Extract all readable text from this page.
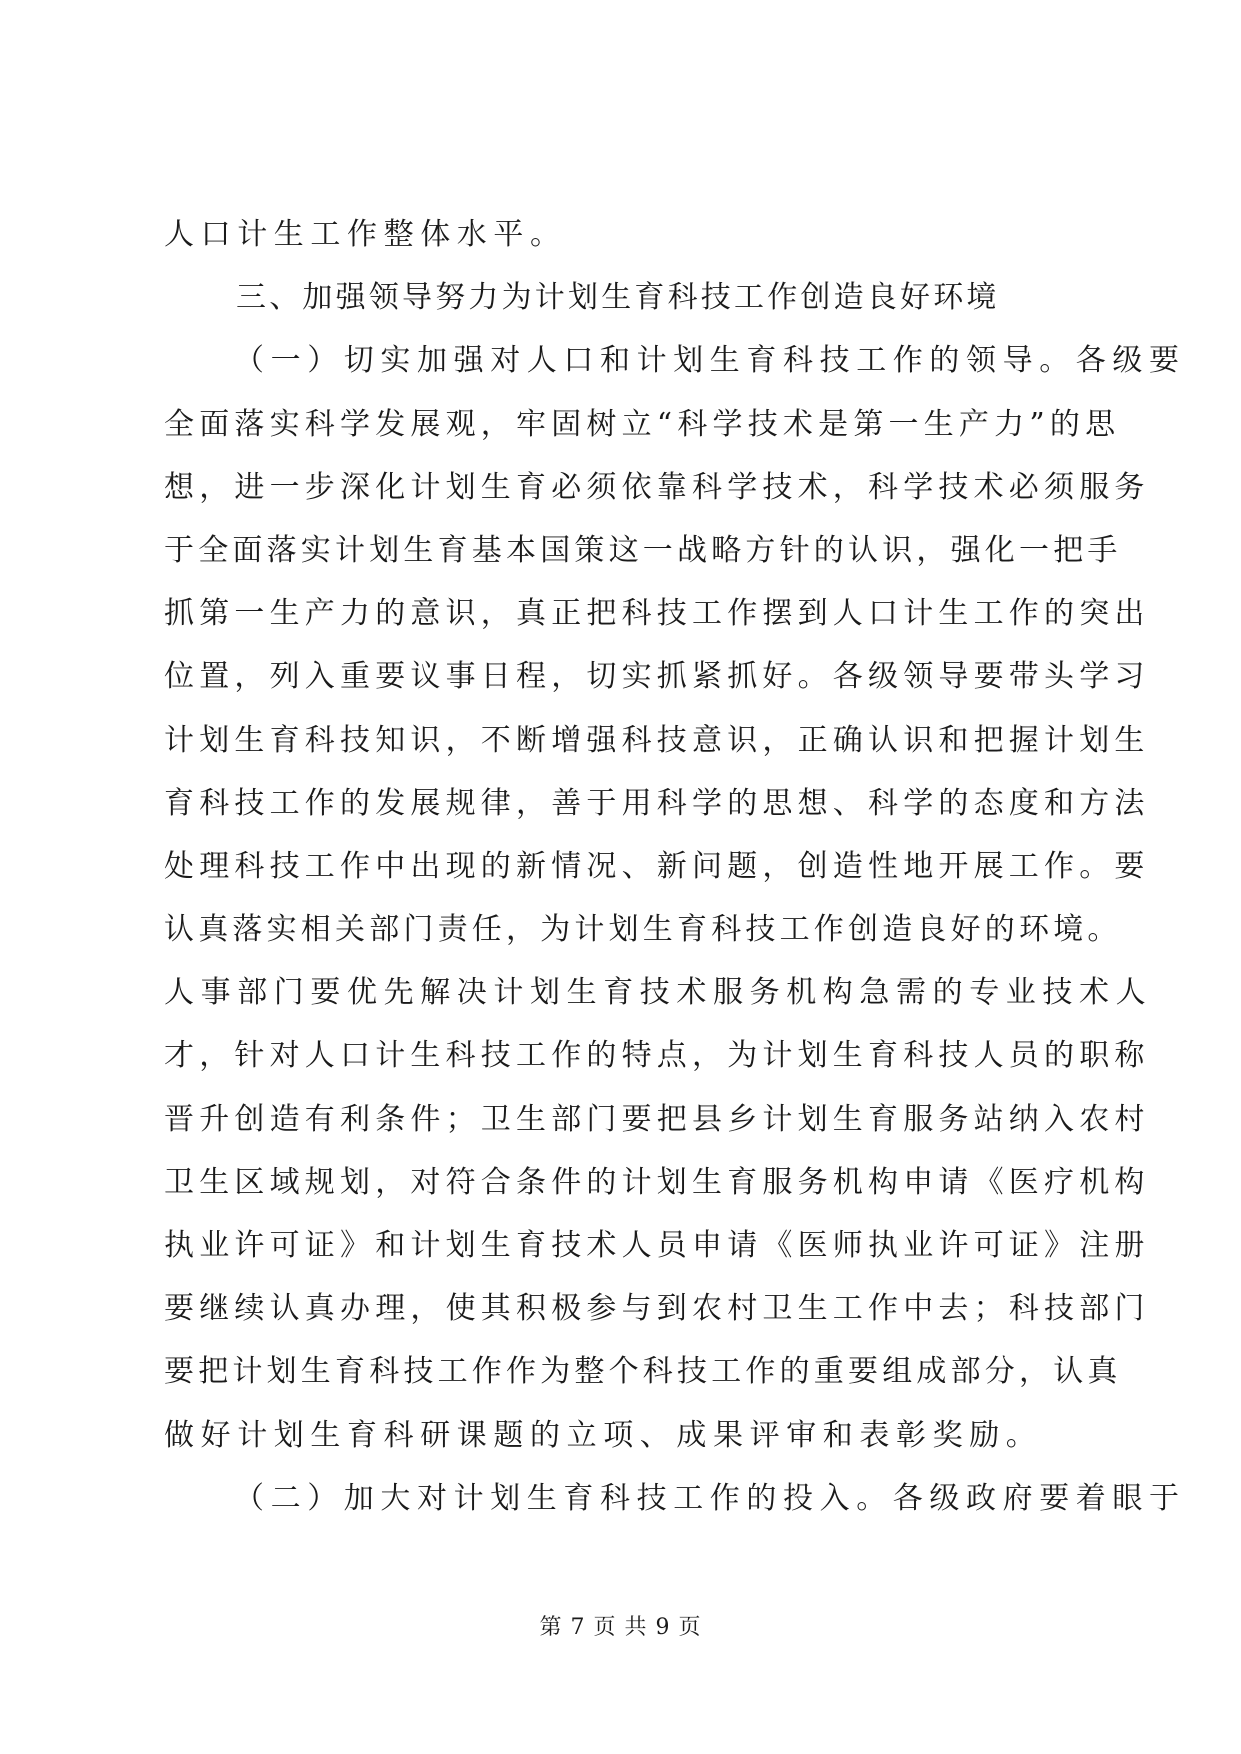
人口计生工作整体水平。
三、加强领导努力为计划生育科技工作创造良好环境
（一）切实加强对人口和计划生育科技工作的领导。各级要
全面落实科学发展观，牢固树立“科学技术是第一生产力”的思
想，进一步深化计划生育必须依靠科学技术，科学技术必须服务
于全面落实计划生育基本国策这一战略方针的认识，强化一把手
抓第一生产力的意识，真正把科技工作摆到人口计生工作的突出
位置，列入重要议事日程，切实抓紧抓好。各级领导要带头学习
计划生育科技知识，不断增强科技意识，正确认识和把握计划生
育科技工作的发展规律，善于用科学的思想、科学的态度和方法
处理科技工作中出现的新情况、新问题，创造性地开展工作。要
认真落实相关部门责任，为计划生育科技工作创造良好的环境。
人事部门要优先解决计划生育技术服务机构急需的专业技术人
才，针对人口计生科技工作的特点，为计划生育科技人员的职称
晋升创造有利条件；卫生部门要把县乡计划生育服务站纳入农村
卫生区域规划，对符合条件的计划生育服务机构申请《医疗机构
执业许可证》和计划生育技术人员申请《医师执业许可证》注册
要继续认真办理，使其积极参与到农村卫生工作中去；科技部门
要把计划生育科技工作作为整个科技工作的重要组成部分，认真
做好计划生育科研课题的立项、成果评审和表彰奖励。
（二）加大对计划生育科技工作的投入。各级政府要着眼于
第 7 页 共 9 页
